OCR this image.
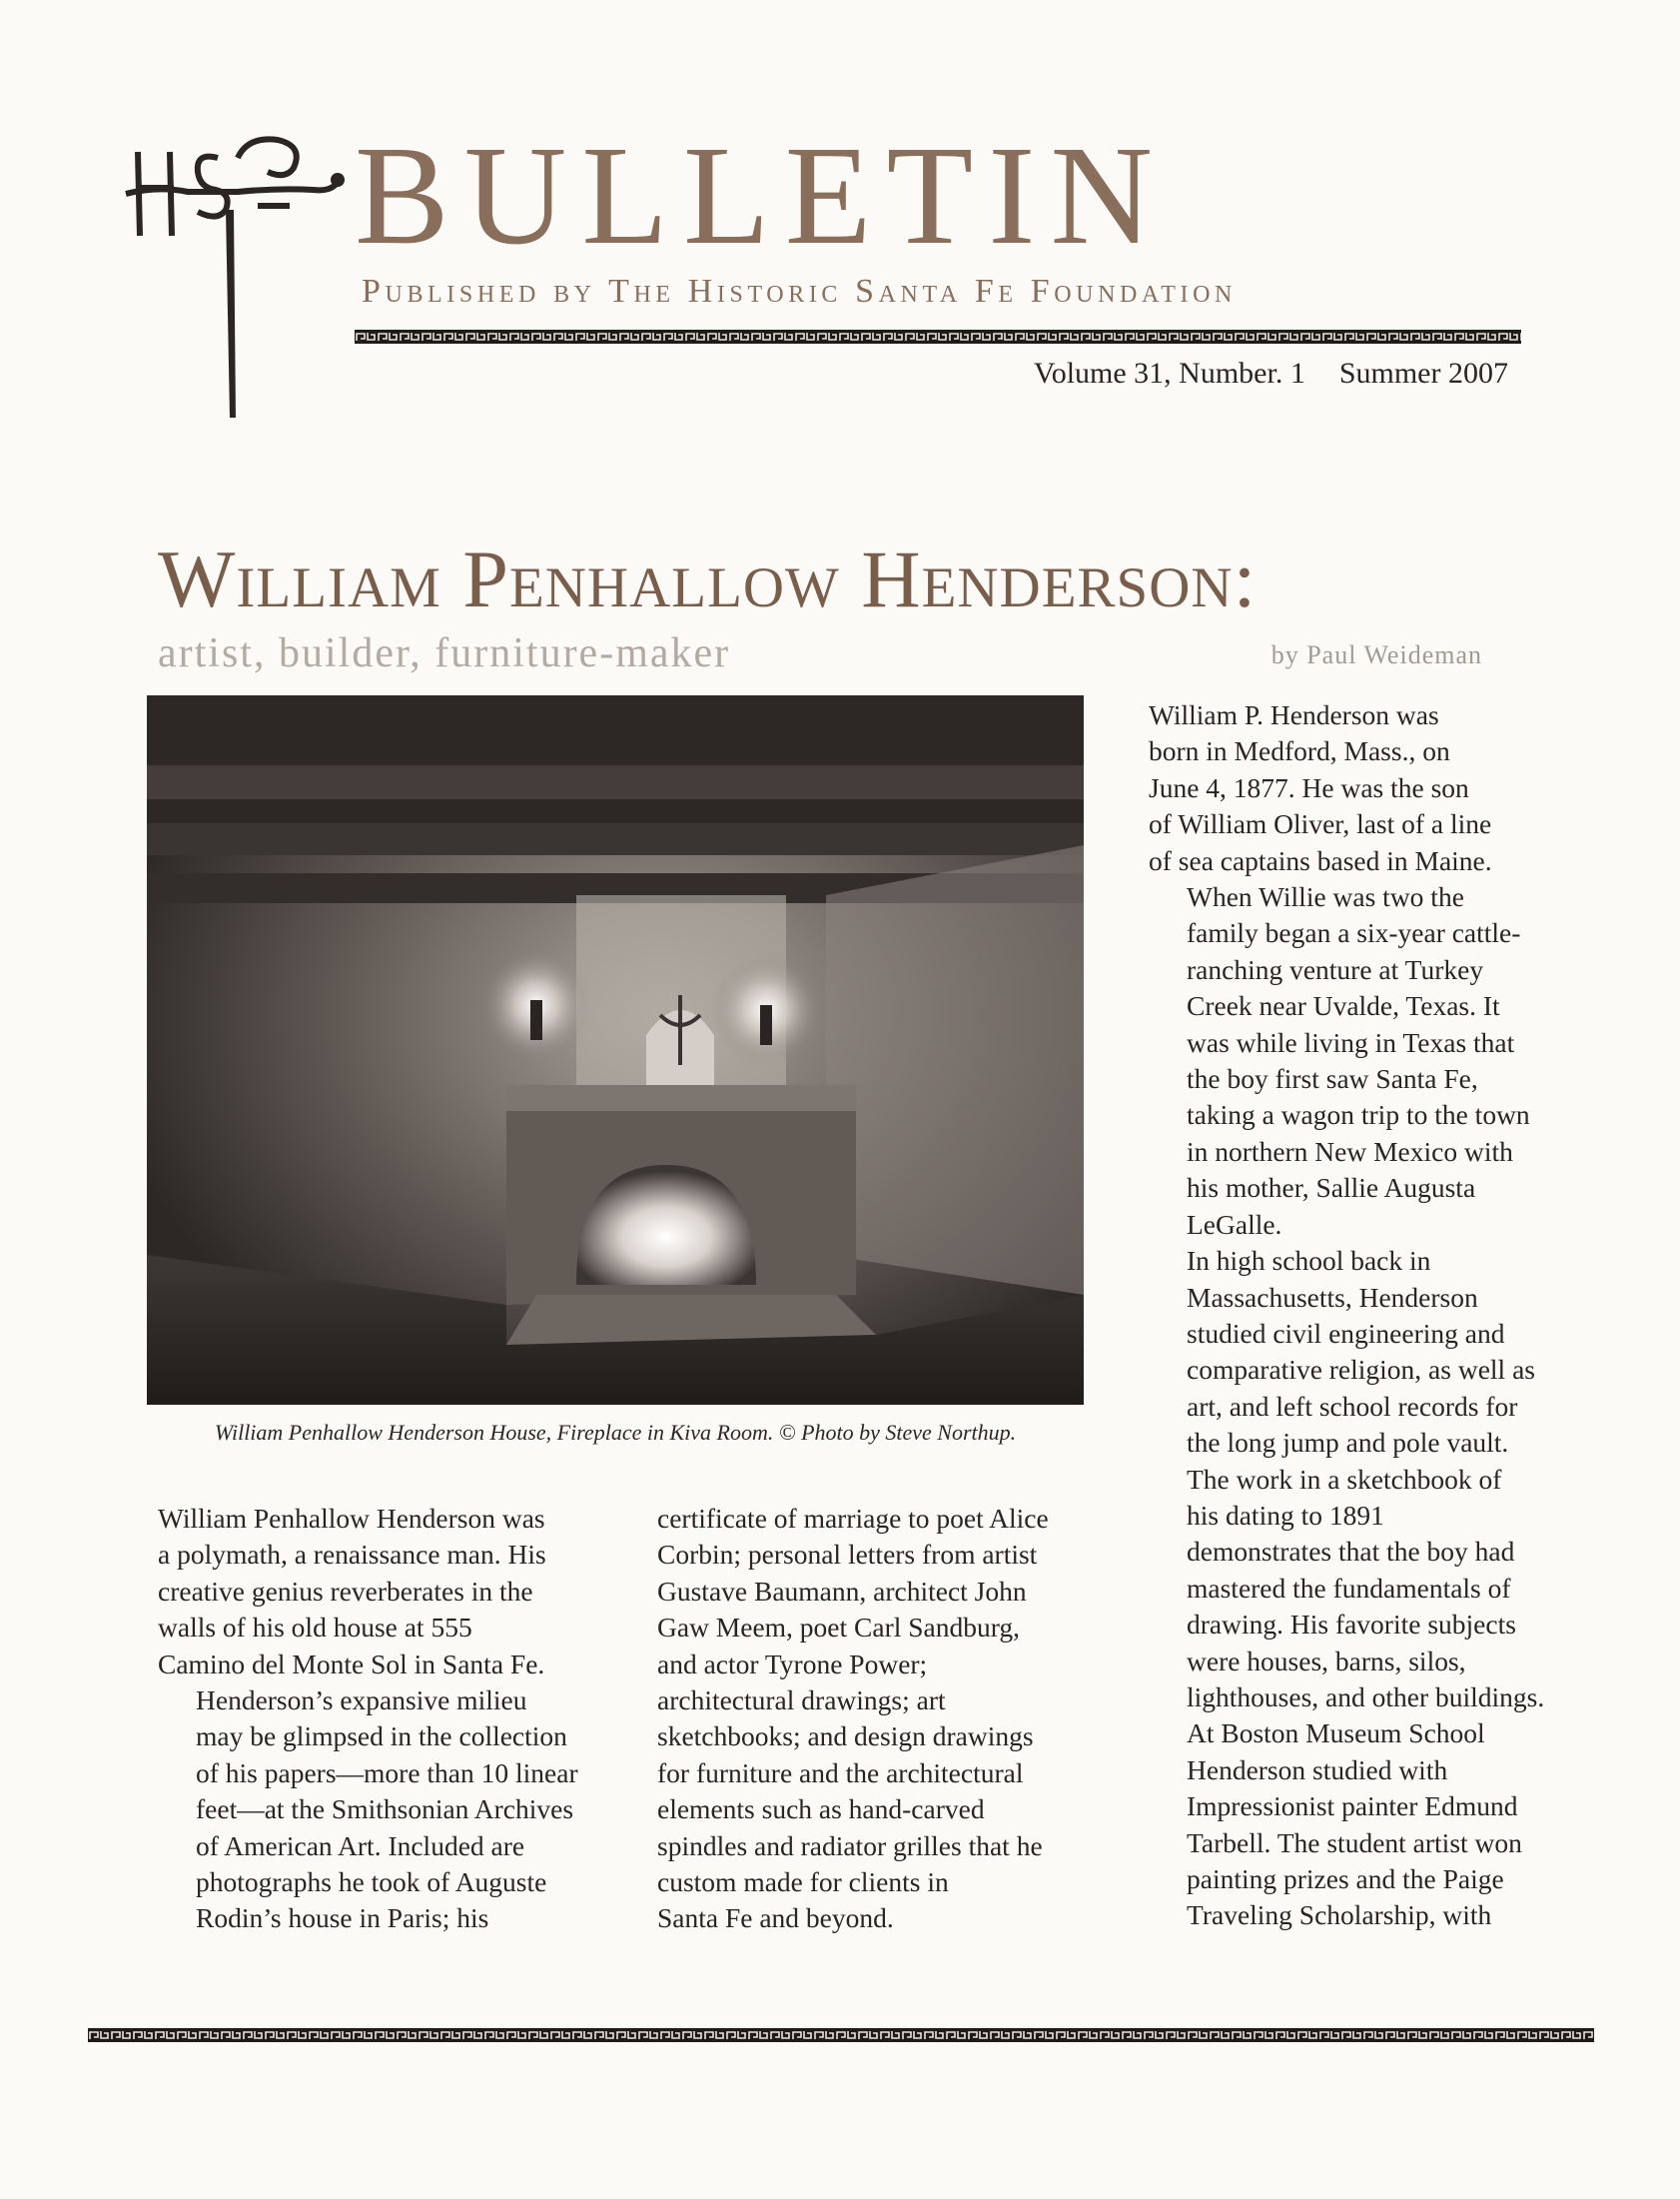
BULLETIN

Published by The Historic Santa Fe Foundation

Volume 31, Number. 1 Summer 2007
William Penhallow Henderson:

artist, builder, furniture-maker	by Paul Weideman
William Penhallow Henderson House, Fireplace in Kiva Room. © Photo by Steve Northup.

William P. Henderson was
born in Medford, Mass., on
June 4, 1877. He was the son
of William Oliver, last of a line
of sea captains based in Maine.

When Willie was two the
family began a six-year cattle-
ranching venture at Turkey
Creek near Uvalde, Texas. It
was while living in Texas that
the boy first saw Santa Fe,
taking a wagon trip to the town
in northern New Mexico with
his mother, Sallie Augusta
LeGalle.

In high school back in
Massachusetts, Henderson
studied civil engineering and
comparative religion, as well as
art, and left school records for
the long jump and pole vault.
The work in a sketchbook of
his dating to 1891
demonstrates that the boy had
mastered the fundamentals of
drawing. His favorite subjects
were houses, barns, silos,
lighthouses, and other buildings.

At Boston Museum School
Henderson studied with
Impressionist painter Edmund
Tarbell. The student artist won
painting prizes and the Paige
Traveling Scholarship, with

William Penhallow Henderson was
a polymath, a renaissance man. His
creative genius reverberates in the
walls of his old house at 555
Camino del Monte Sol in Santa Fe.

Henderson’s expansive milieu
may be glimpsed in the collection
of his papers—more than 10 linear
feet—at the Smithsonian Archives
of American Art. Included are
photographs he took of Auguste
Rodin’s house in Paris; his

certificate of marriage to poet Alice
Corbin; personal letters from artist
Gustave Baumann, architect John
Gaw Meem, poet Carl Sandburg,
and actor Tyrone Power;
architectural drawings; art
sketchbooks; and design drawings
for furniture and the architectural
elements such as hand-carved
spindles and radiator grilles that he
custom made for clients in
Santa Fe and beyond.
